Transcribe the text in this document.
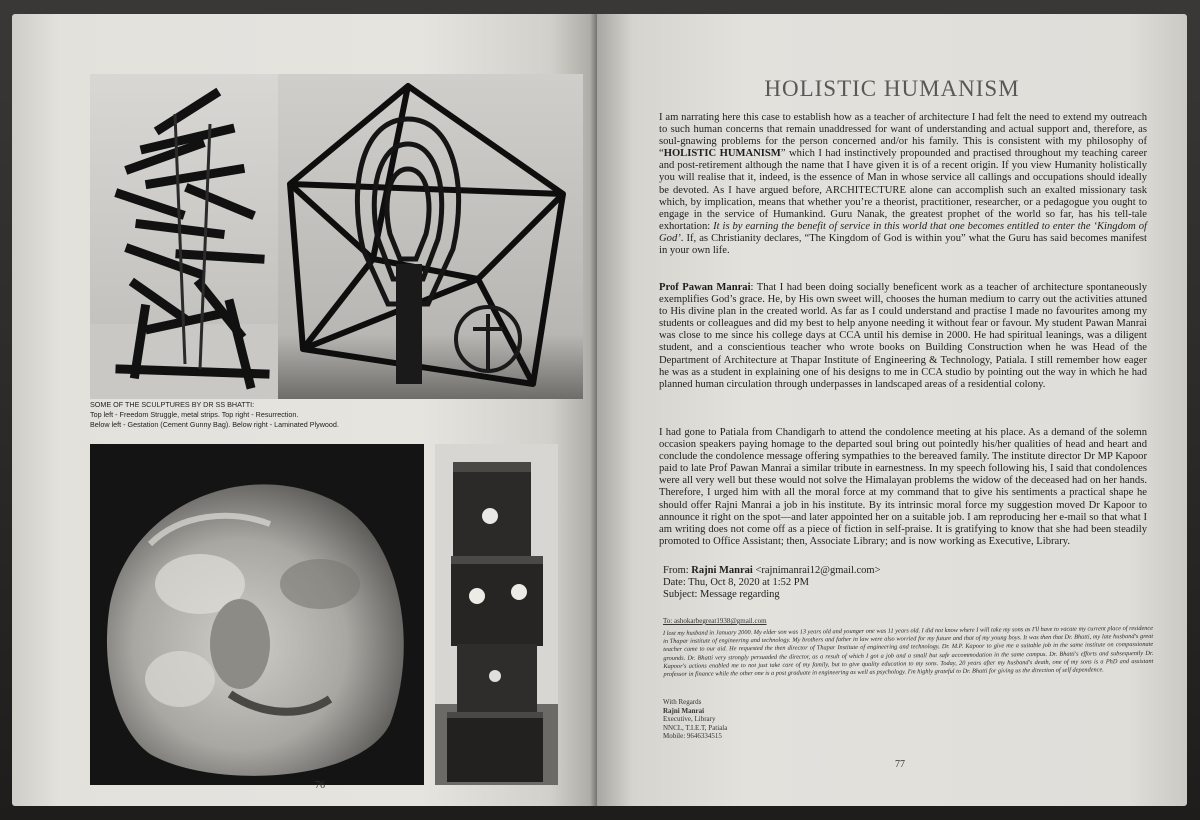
SOME OF THE SCULPTURES BY DR SS BHATTI:
Top left - Freedom Struggle, metal strips. Top right - Resurrection.
Below left - Gestation (Cement Gunny Bag). Below right - Laminated Plywood.
76
HOLISTIC HUMANISM

I am narrating here this case to establish how as a teacher of architecture I had felt the need to extend my outreach to such human concerns that remain unaddressed for want of understanding and actual support and, therefore, as soul-gnawing problems for the person concerned and/or his family. This is consistent with my philosophy of “HOLISTIC HUMANISM” which I had instinctively propounded and practised throughout my teaching career and post-retirement although the name that I have given it is of a recent origin. If you view Humanity holistically you will realise that it, indeed, is the essence of Man in whose service all callings and occupations should ideally be devoted. As I have argued before, ARCHITECTURE alone can accomplish such an exalted missionary task which, by implication, means that whether you’re a theorist, practitioner, researcher, or a pedagogue you ought to engage in the service of Humankind. Guru Nanak, the greatest prophet of the world so far, has his tell-tale exhortation: It is by earning the benefit of service in this world that one becomes entitled to enter the ‘Kingdom of God’. If, as Christianity declares, “The Kingdom of God is within you” what the Guru has said becomes manifest in your own life.

Prof Pawan Manrai: That I had been doing socially beneficent work as a teacher of architecture spontaneously exemplifies God’s grace. He, by His own sweet will, chooses the human medium to carry out the activities attuned to His divine plan in the created world. As far as I could understand and practise I made no favourites among my students or colleagues and did my best to help anyone needing it without fear or favour. My student Pawan Manrai was close to me since his college days at CCA until his demise in 2000. He had spiritual leanings, was a diligent student, and a conscientious teacher who wrote books on Building Construction when he was Head of the Department of Architecture at Thapar Institute of Engineering & Technology, Patiala. I still remember how eager he was as a student in explaining one of his designs to me in CCA studio by pointing out the way in which he had planned human circulation through underpasses in landscaped areas of a residential colony.

I had gone to Patiala from Chandigarh to attend the condolence meeting at his place. As a demand of the solemn occasion speakers paying homage to the departed soul bring out pointedly his/her qualities of head and heart and conclude the condolence message offering sympathies to the bereaved family. The institute director Dr MP Kapoor paid to late Prof Pawan Manrai a similar tribute in earnestness. In my speech following his, I said that condolences were all very well but these would not solve the Himalayan problems the widow of the deceased had on her hands. Therefore, I urged him with all the moral force at my command that to give his sentiments a practical shape he should offer Rajni Manrai a job in his institute. By its intrinsic moral force my suggestion moved Dr Kapoor to announce it right on the spot—and later appointed her on a suitable job. I am reproducing her e-mail so that what I am writing does not come off as a piece of fiction in self-praise. It is gratifying to know that she had been steadily promoted to Office Assistant; then, Associate Library; and is now working as Executive, Library.

From: Rajni Manrai <rajnimanrai12@gmail.com>
Date: Thu, Oct 8, 2020 at 1:52 PM
Subject: Message regarding
To: ashokarbegreat1938@gmail.com
I lost my husband in January 2000. My elder son was 13 years old and younger one was 11 years old. I did not know where I will take my sons as I'll have to vacate my current place of residence in Thapar institute of engineering and technology. My brothers and father in law were also worried for my future and that of my young boys. It was then that Dr. Bhatti, my late husband's great teacher came to our aid. He requested the then director of Thapar Institute of engineering and technology, Dr. M.P. Kapoor to give me a suitable job in the same institute on compassionate grounds. Dr. Bhatti very strongly persuaded the director, as a result of which I got a job and a small but safe accommodation in the same campus. Dr. Bhatti's efforts and subsequently Dr. Kapoor's actions enabled me to not just take care of my family, but to give quality education to my sons. Today, 20 years after my husband's death, one of my sons is a PhD and assistant professor in finance while the other one is a post graduate in engineering as well as psychology. I'm highly grateful to Dr. Bhatti for giving us the direction of self dependence.
With Regards
Rajni Manrai
Executive, Library
NNCL, T.I.E.T, Patiala
Mobile: 9646334515
77
